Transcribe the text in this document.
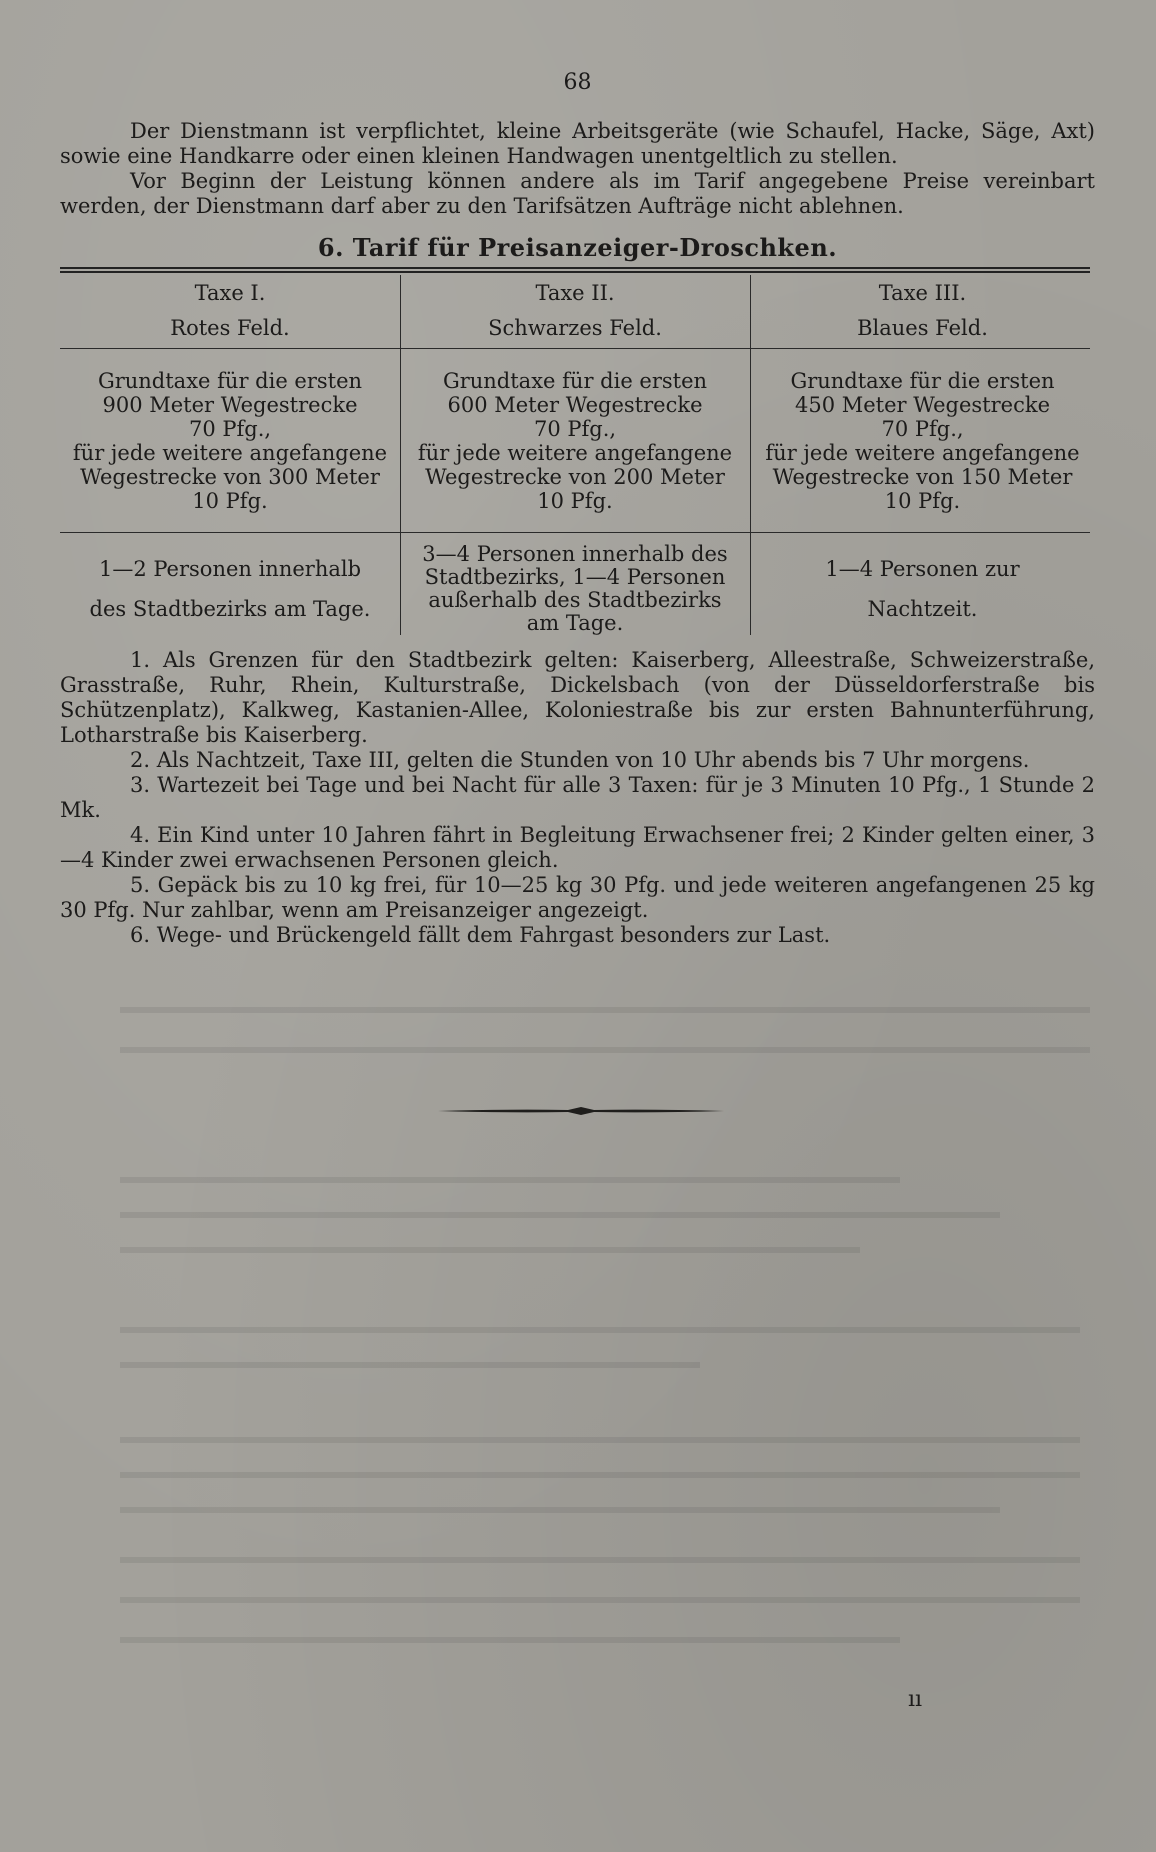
68

Der Dienstmann ist verpflichtet, kleine Arbeitsgeräte (wie Schaufel, Hacke, Säge, Axt) sowie eine Handkarre oder einen kleinen Handwagen unentgeltlich zu stellen.

Vor Beginn der Leistung können andere als im Tarif angegebene Preise vereinbart werden, der Dienstmann darf aber zu den Tarifsätzen Aufträge nicht ablehnen.

6. Tarif für Preisanzeiger-Droschken.
Taxe I.
Rotes Feld.
Taxe II.
Schwarzes Feld.
Taxe III.
Blaues Feld.
Grundtaxe für die ersten
900 Meter Wegestrecke
70 Pfg.,
für jede weitere angefangene
Wegestrecke von 300 Meter
10 Pfg.
Grundtaxe für die ersten
600 Meter Wegestrecke
70 Pfg.,
für jede weitere angefangene
Wegestrecke von 200 Meter
10 Pfg.
Grundtaxe für die ersten
450 Meter Wegestrecke
70 Pfg.,
für jede weitere angefangene
Wegestrecke von 150 Meter
10 Pfg.
1—2 Personen innerhalb
des Stadtbezirks am Tage.
3—4 Personen innerhalb des
Stadtbezirks, 1—4 Personen
außerhalb des Stadtbezirks
am Tage.
1—4 Personen zur
Nachtzeit.

1. Als Grenzen für den Stadtbezirk gelten: Kaiserberg, Alleestraße, Schweizerstraße, Grasstraße, Ruhr, Rhein, Kulturstraße, Dickelsbach (von der Düsseldorferstraße bis Schützenplatz), Kalkweg, Kastanien-Allee, Koloniestraße bis zur ersten Bahnunterführung, Lotharstraße bis Kaiserberg.

2. Als Nachtzeit, Taxe III, gelten die Stunden von 10 Uhr abends bis 7 Uhr morgens.

3. Wartezeit bei Tage und bei Nacht für alle 3 Taxen: für je 3 Minuten 10 Pfg., 1 Stunde 2 Mk.

4. Ein Kind unter 10 Jahren fährt in Begleitung Erwachsener frei; 2 Kinder gelten einer, 3—4 Kinder zwei erwachsenen Personen gleich.

5. Gepäck bis zu 10 kg frei, für 10—25 kg 30 Pfg. und jede weiteren angefangenen 25 kg 30 Pfg. Nur zahlbar, wenn am Preisanzeiger angezeigt.

6. Wege- und Brückengeld fällt dem Fahrgast besonders zur Last.

ıı
